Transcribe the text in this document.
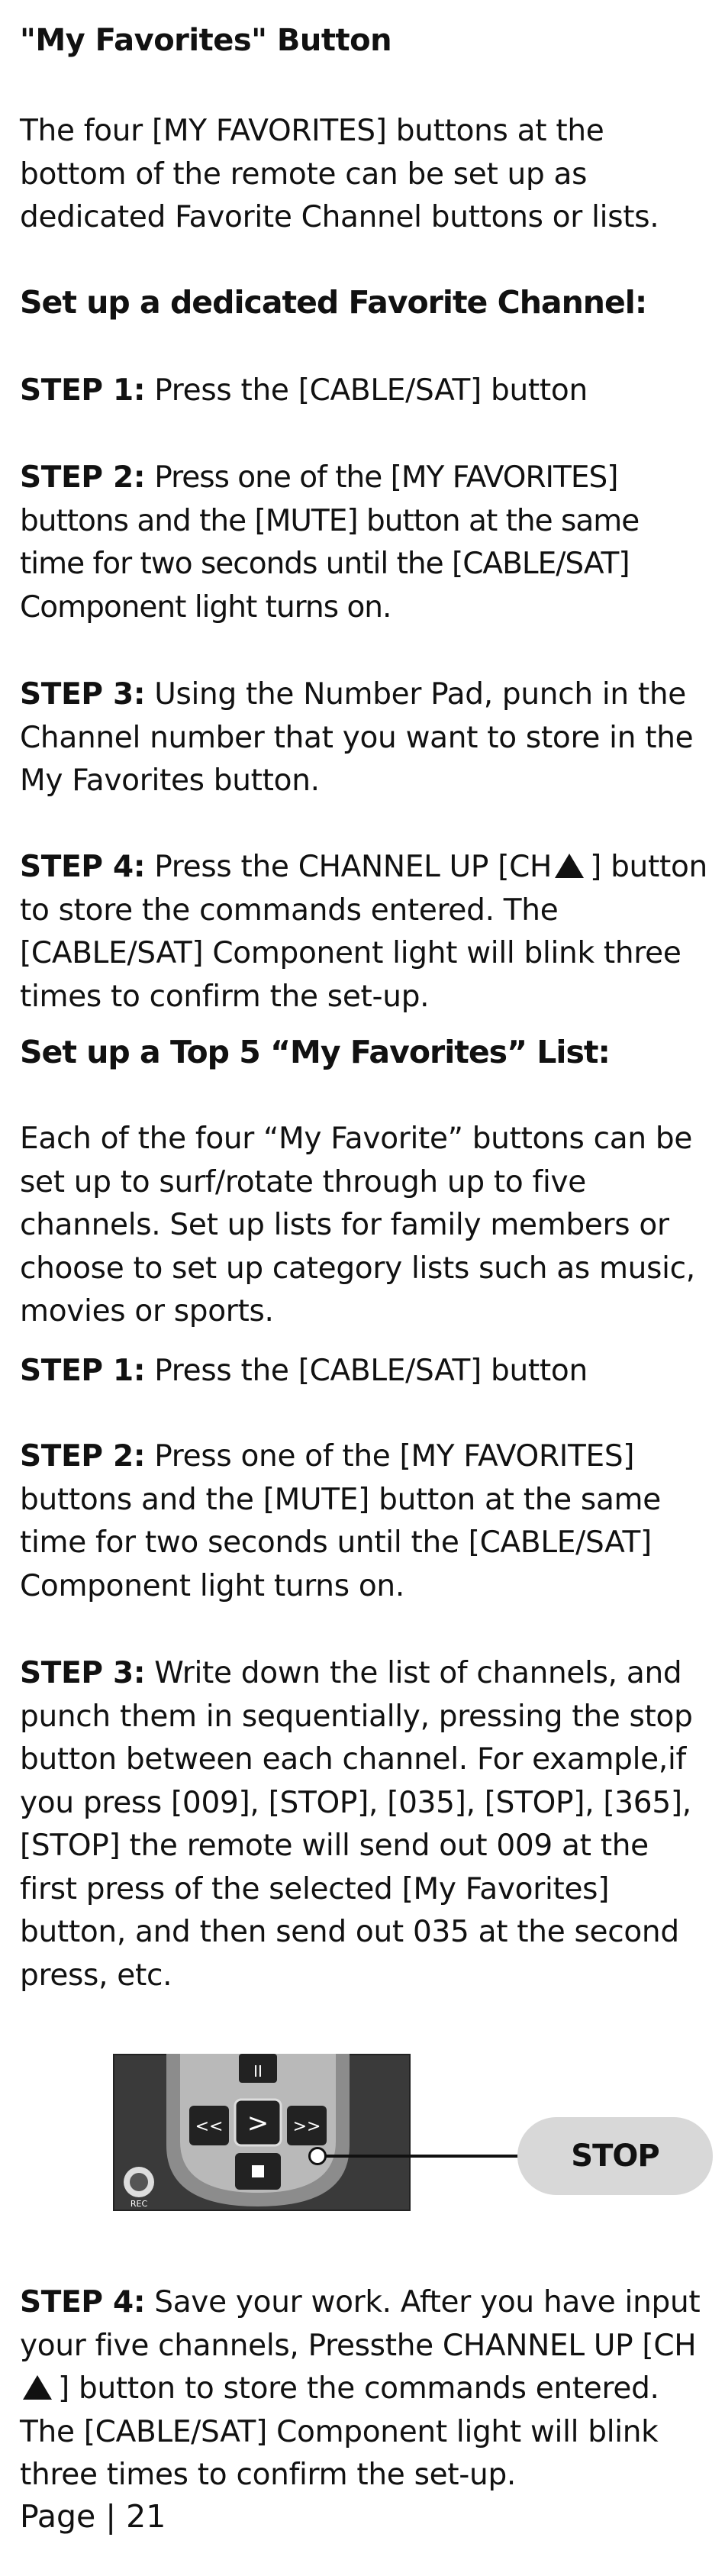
"My Favorites" Button
The four [MY FAVORITES] buttons at the bottom of the remote can be set up as dedicated Favorite Channel buttons or lists.
Set up a dedicated Favorite Channel:
STEP 1: Press the [CABLE/SAT] button
STEP 2: Press one of the [MY FAVORITES] buttons and the [MUTE] button at the same time for two seconds until the [CABLE/SAT] Component light turns on.
STEP 3: Using the Number Pad, punch in the Channel number that you want to store in the My Favorites button.
STEP 4: Press the CHANNEL UP [CH ] button to store the commands entered. The [CABLE/SAT] Component light will blink three times to confirm the set-up.
Set up a Top 5 “My Favorites” List:
Each of the four “My Favorite” buttons can be set up to surf/rotate through up to five channels. Set up lists for family members or choose to set up category lists such as music, movies or sports.
STEP 1: Press the [CABLE/SAT] button
STEP 2: Press one of the [MY FAVORITES] buttons and the [MUTE] button at the same time for two seconds until the [CABLE/SAT] Component light turns on.
STEP 3: Write down the list of channels, and punch them in sequentially, pressing the stop button between each channel. For example,if you press [009], [STOP], [035], [STOP], [365], [STOP] the remote will send out 009 at the first press of the selected [My Favorites] button, and then send out 035 at the second press, etc.
II
<< > >>
REC
STOP
STEP 4: Save your work. After you have input your five channels, Pressthe CHANNEL UP [CH] button to store the commands entered. The [CABLE/SAT] Component light will blink three times to confirm the set-up.
Page | 21
